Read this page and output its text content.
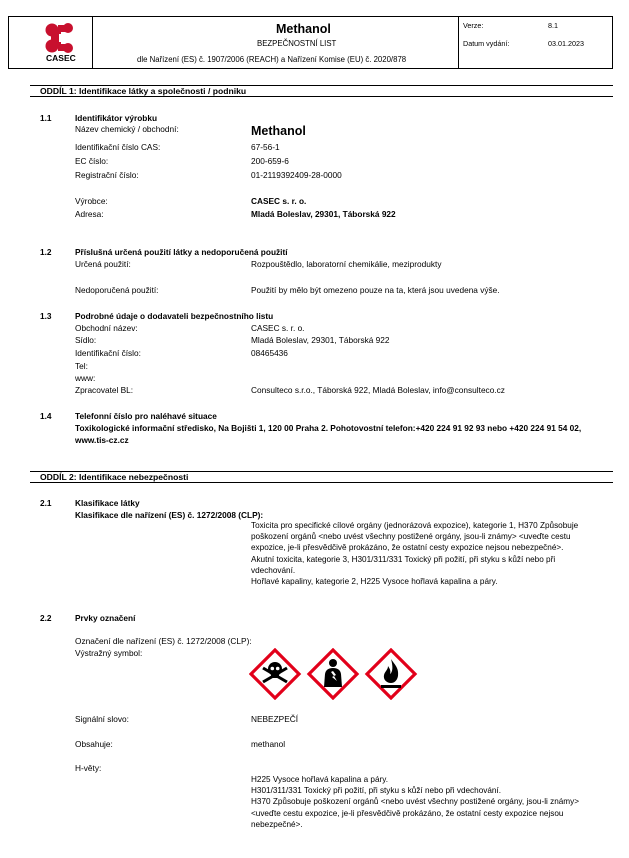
CASEC
Methanol
BEZPEČNOSTNÍ LIST
dle Nařízení (ES) č. 1907/2006 (REACH) a Nařízení Komise (EU) č. 2020/878
Verze:	8.1
Datum vydání:	03.01.2023
ODDÍL 1: Identifikace látky a společnosti / podniku
1.1	Identifikátor výrobku
Název chemický / obchodní:	Methanol
Identifikační číslo CAS:	67-56-1
EC číslo:	200-659-6
Registrační číslo:	01-2119392409-28-0000
Výrobce:	CASEC s. r. o.
Adresa:	Mladá Boleslav, 29301, Táborská 922
1.2	Příslušná určená použití látky a nedoporučená použití
Určená použití:	Rozpouštědlo, laboratorní chemikálie, meziprodukty
Nedoporučená použití:	Použití by mělo být omezeno pouze na ta, která jsou uvedena výše.
1.3	Podrobné údaje o dodavateli bezpečnostního listu
Obchodní název:	CASEC s. r. o.
Sídlo:	Mladá Boleslav, 29301, Táborská 922
Identifikační číslo:	08465436
Tel:
www:
Zpracovatel BL:	Consulteco s.r.o., Táborská 922, Mladá Boleslav, info@consulteco.cz
1.4	Telefonní číslo pro naléhavé situace
Toxikologické informační středisko, Na Bojišti 1, 120 00 Praha 2. Pohotovostní telefon:+420 224 91 92 93 nebo +420 224 91 54 02,
www.tis-cz.cz
ODDÍL 2: Identifikace nebezpečnosti
2.1	Klasifikace látky
Klasifikace dle nařízení (ES) č. 1272/2008 (CLP):
Toxicita pro specifické cílové orgány (jednorázová expozice), kategorie 1, H370 Způsobuje
poškození orgánů <nebo uvést všechny postižené orgány, jsou-li známy> <uveďte cestu
expozice, je-li přesvědčivě prokázáno, že ostatní cesty expozice nejsou nebezpečné>.
Akutní toxicita, kategorie 3, H301/311/331 Toxický při požití, při styku s kůží nebo při
vdechování.
Hořlavé kapaliny, kategorie 2, H225 Vysoce hořlavá kapalina a páry.
2.2	Prvky označení
Označení dle nařízení (ES) č. 1272/2008 (CLP):
Výstražný symbol:
Signální slovo:	NEBEZPEČÍ
Obsahuje:	methanol
H-věty:
H225 Vysoce hořlavá kapalina a páry.
H301/311/331 Toxický při požití, při styku s kůží nebo při vdechování.
H370 Způsobuje poškození orgánů <nebo uvést všechny postižené orgány, jsou-li známy>
<uveďte cestu expozice, je-li přesvědčivě prokázáno, že ostatní cesty expozice nejsou
nebezpečné>.
